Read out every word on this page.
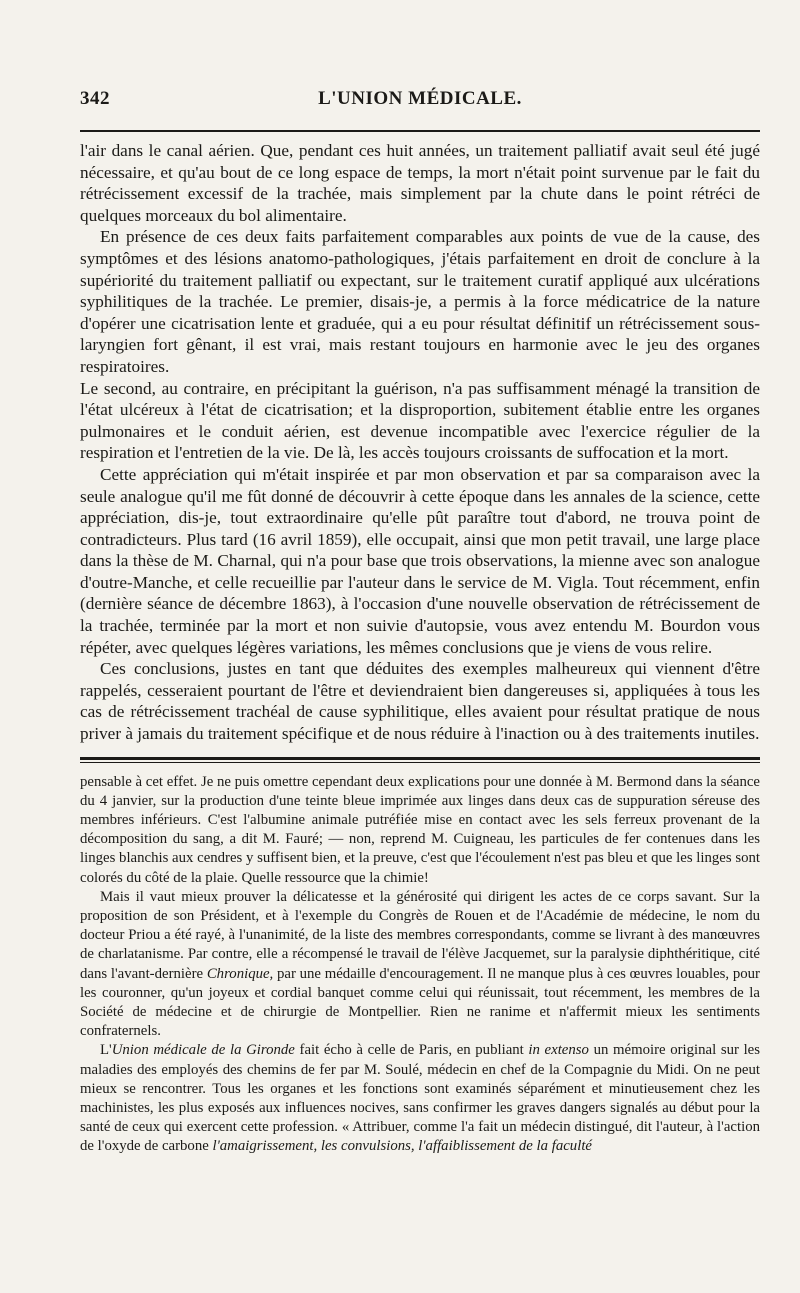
342	L'UNION MÉDICALE.

l'air dans le canal aérien. Que, pendant ces huit années, un traitement palliatif avait seul été jugé nécessaire, et qu'au bout de ce long espace de temps, la mort n'était point survenue par le fait du rétrécissement excessif de la trachée, mais simplement par la chute dans le point rétréci de quelques morceaux du bol alimentaire.

En présence de ces deux faits parfaitement comparables aux points de vue de la cause, des symptômes et des lésions anatomo-pathologiques, j'étais parfaitement en droit de conclure à la supériorité du traitement palliatif ou expectant, sur le traitement curatif appliqué aux ulcérations syphilitiques de la trachée. Le premier, disais-je, a permis à la force médicatrice de la nature d'opérer une cicatrisation lente et graduée, qui a eu pour résultat définitif un rétrécissement sous-laryngien fort gênant, il est vrai, mais restant toujours en harmonie avec le jeu des organes respiratoires.

Le second, au contraire, en précipitant la guérison, n'a pas suffisamment ménagé la transition de l'état ulcéreux à l'état de cicatrisation; et la disproportion, subitement établie entre les organes pulmonaires et le conduit aérien, est devenue incompatible avec l'exercice régulier de la respiration et l'entretien de la vie. De là, les accès toujours croissants de suffocation et la mort.

Cette appréciation qui m'était inspirée et par mon observation et par sa comparaison avec la seule analogue qu'il me fût donné de découvrir à cette époque dans les annales de la science, cette appréciation, dis-je, tout extraordinaire qu'elle pût paraître tout d'abord, ne trouva point de contradicteurs. Plus tard (16 avril 1859), elle occupait, ainsi que mon petit travail, une large place dans la thèse de M. Charnal, qui n'a pour base que trois observations, la mienne avec son analogue d'outre-Manche, et celle recueillie par l'auteur dans le service de M. Vigla. Tout récemment, enfin (dernière séance de décembre 1863), à l'occasion d'une nouvelle observation de rétrécissement de la trachée, terminée par la mort et non suivie d'autopsie, vous avez entendu M. Bourdon vous répéter, avec quelques légères variations, les mêmes conclusions que je viens de vous relire.

Ces conclusions, justes en tant que déduites des exemples malheureux qui viennent d'être rappelés, cesseraient pourtant de l'être et deviendraient bien dangereuses si, appliquées à tous les cas de rétrécissement trachéal de cause syphilitique, elles avaient pour résultat pratique de nous priver à jamais du traitement spécifique et de nous réduire à l'inaction ou à des traitements inutiles.

pensable à cet effet. Je ne puis omettre cependant deux explications pour une donnée à M. Bermond dans la séance du 4 janvier, sur la production d'une teinte bleue imprimée aux linges dans deux cas de suppuration séreuse des membres inférieurs. C'est l'albumine animale putréfiée mise en contact avec les sels ferreux provenant de la décomposition du sang, a dit M. Fauré; — non, reprend M. Cuigneau, les particules de fer contenues dans les linges blanchis aux cendres y suffisent bien, et la preuve, c'est que l'écoulement n'est pas bleu et que les linges sont colorés du côté de la plaie. Quelle ressource que la chimie!

Mais il vaut mieux prouver la délicatesse et la générosité qui dirigent les actes de ce corps savant. Sur la proposition de son Président, et à l'exemple du Congrès de Rouen et de l'Académie de médecine, le nom du docteur Priou a été rayé, à l'unanimité, de la liste des membres correspondants, comme se livrant à des manœuvres de charlatanisme. Par contre, elle a récompensé le travail de l'élève Jacquemet, sur la paralysie diphthéritique, cité dans l'avant-dernière Chronique, par une médaille d'encouragement. Il ne manque plus à ces œuvres louables, pour les couronner, qu'un joyeux et cordial banquet comme celui qui réunissait, tout récemment, les membres de la Société de médecine et de chirurgie de Montpellier. Rien ne ranime et n'affermit mieux les sentiments confraternels.

L'Union médicale de la Gironde fait écho à celle de Paris, en publiant in extenso un mémoire original sur les maladies des employés des chemins de fer par M. Soulé, médecin en chef de la Compagnie du Midi. On ne peut mieux se rencontrer. Tous les organes et les fonctions sont examinés séparément et minutieusement chez les machinistes, les plus exposés aux influences nocives, sans confirmer les graves dangers signalés au début pour la santé de ceux qui exercent cette profession. « Attribuer, comme l'a fait un médecin distingué, dit l'auteur, à l'action de l'oxyde de carbone l'amaigrissement, les convulsions, l'affaiblissement de la faculté
